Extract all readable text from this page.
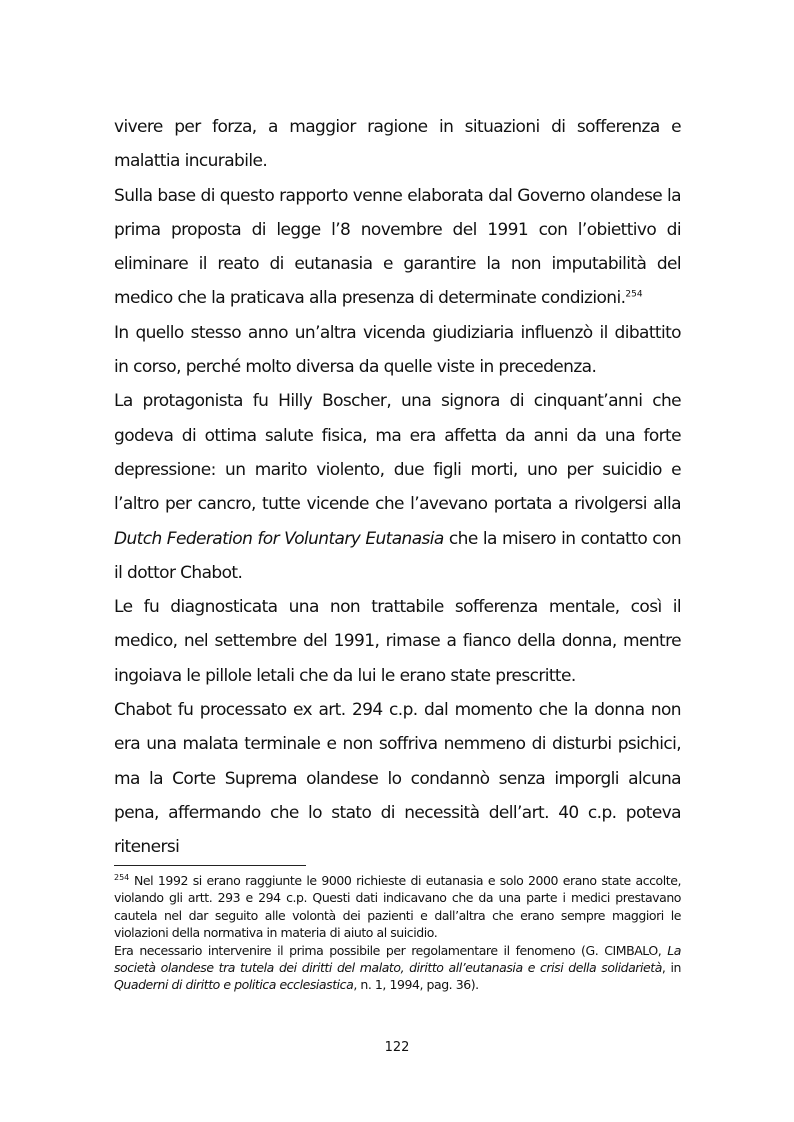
vivere per forza, a maggior ragione in situazioni di sofferenza e malattia incurabile.

Sulla base di questo rapporto venne elaborata dal Governo olandese la prima proposta di legge l’8 novembre del 1991 con l’obiettivo di eliminare il reato di eutanasia e garantire la non imputabilità del medico che la praticava alla presenza di determinate condizioni.$^{254}$

In quello stesso anno un’altra vicenda giudiziaria influenzò il dibattito in corso, perché molto diversa da quelle viste in precedenza.

La protagonista fu Hilly Boscher, una signora di cinquant’anni che godeva di ottima salute fisica, ma era affetta da anni da una forte depressione: un marito violento, due figli morti, uno per suicidio e l’altro per cancro, tutte vicende che l’avevano portata a rivolgersi alla Dutch Federation for Voluntary Eutanasia che la misero in contatto con il dottor Chabot.

Le fu diagnosticata una non trattabile sofferenza mentale, così il medico, nel settembre del 1991, rimase a fianco della donna, mentre ingoiava le pillole letali che da lui le erano state prescritte.

Chabot fu processato ex art. 294 c.p. dal momento che la donna non era una malata terminale e non soffriva nemmeno di disturbi psichici, ma la Corte Suprema olandese lo condannò senza imporgli alcuna pena, affermando che lo stato di necessità dell’art. 40 c.p. poteva ritenersi

$^{254}$ Nel 1992 si erano raggiunte le 9000 richieste di eutanasia e solo 2000 erano state accolte, violando gli artt. 293 e 294 c.p. Questi dati indicavano che da una parte i medici prestavano cautela nel dar seguito alle volontà dei pazienti e dall’altra che erano sempre maggiori le violazioni della normativa in materia di aiuto al suicidio.

Era necessario intervenire il prima possibile per regolamentare il fenomeno (G. CIMBALO, La società olandese tra tutela dei diritti del malato, diritto all’eutanasia e crisi della solidarietà, in Quaderni di diritto e politica ecclesiastica, n. 1, 1994, pag. 36).

122
